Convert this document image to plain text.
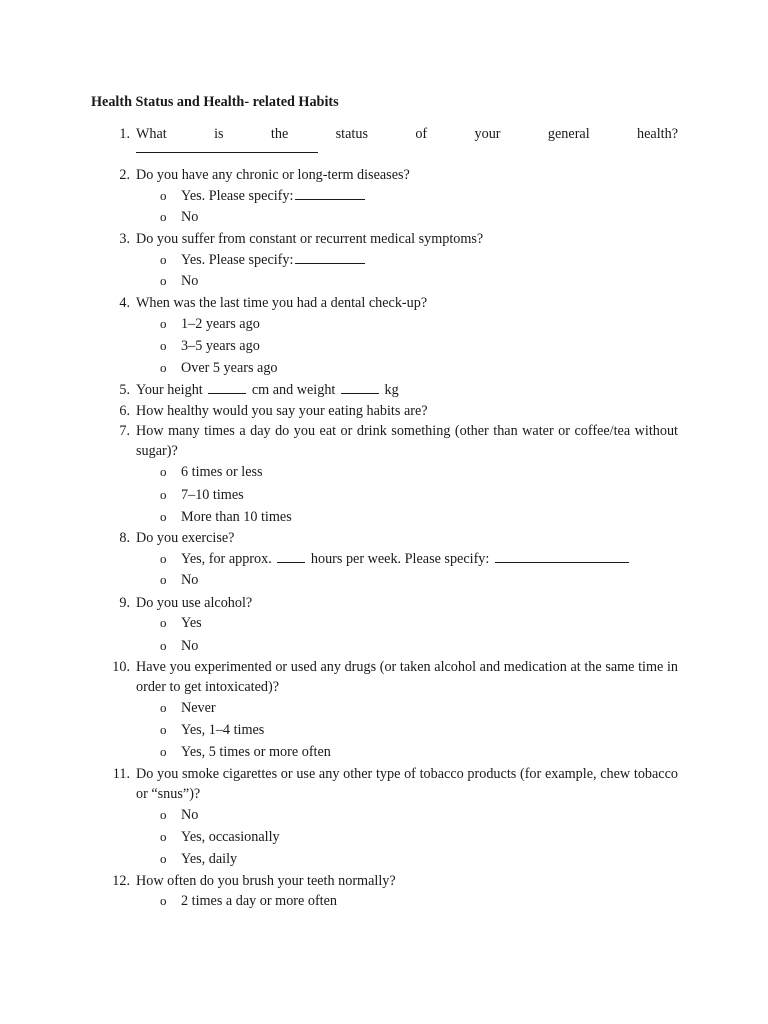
Health Status and Health- related Habits
1. What is the status of your general health?
2. Do you have any chronic or long-term diseases?
o Yes. Please specify:
o No
3. Do you suffer from constant or recurrent medical symptoms?
o Yes. Please specify:
o No
4. When was the last time you had a dental check-up?
o 1–2 years ago
o 3–5 years ago
o Over 5 years ago
5. Your height	cm and weight	kg
6. How healthy would you say your eating habits are?
7. How many times a day do you eat or drink something (other than water or coffee/tea without sugar)?
o 6 times or less
o 7–10 times
o More than 10 times
8. Do you exercise?
o Yes, for approx.	hours per week. Please specify:
o No
9. Do you use alcohol?
o Yes
o No
10. Have you experimented or used any drugs (or taken alcohol and medication at the same time in order to get intoxicated)?
o Never
o Yes, 1–4 times
o Yes, 5 times or more often
11. Do you smoke cigarettes or use any other type of tobacco products (for example, chew tobacco or “snus”)?
o No
o Yes, occasionally
o Yes, daily
12. How often do you brush your teeth normally?
o 2 times a day or more often
